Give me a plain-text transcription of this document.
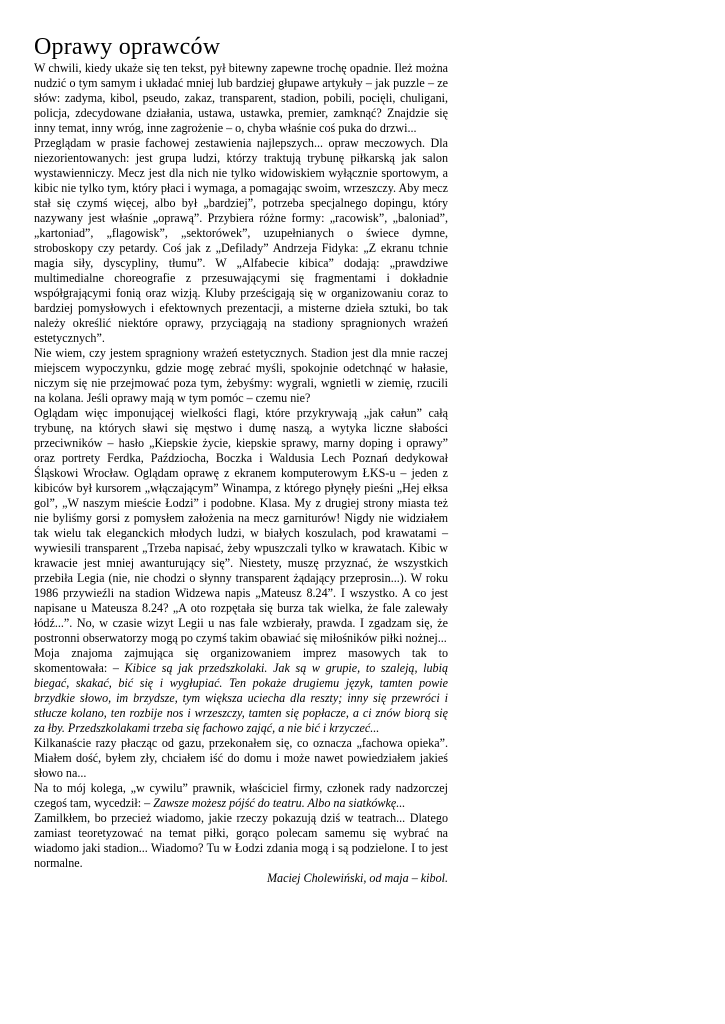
Oprawy oprawców

W chwili, kiedy ukaże się ten tekst, pył bitewny zapewne trochę opadnie. Ileż można nudzić o tym samym i układać mniej lub bardziej głupawe artykuły – jak puzzle – ze słów: zadyma, kibol, pseudo, zakaz, transparent, stadion, pobili, pocięli, chuligani, policja, zdecydowane działania, ustawa, ustawka, premier, zamknąć? Znajdzie się inny temat, inny wróg, inne zagrożenie – o, chyba właśnie coś puka do drzwi...

Przeglądam w prasie fachowej zestawienia najlepszych... opraw meczowych. Dla niezorientowanych: jest grupa ludzi, którzy traktują trybunę piłkarską jak salon wystawienniczy. Mecz jest dla nich nie tylko widowiskiem wyłącznie sportowym, a kibic nie tylko tym, który płaci i wymaga, a pomagając swoim, wrzeszczy. Aby mecz stał się czymś więcej, albo był „bardziej”, potrzeba specjalnego dopingu, który nazywany jest właśnie „oprawą”. Przybiera różne formy: „racowisk”, „baloniad”, „kartoniad”, „flagowisk”, „sektorówek”, uzupełnianych o świece dymne, stroboskopy czy petardy. Coś jak z „Defilady” Andrzeja Fidyka: „Z ekranu tchnie magia siły, dyscypliny, tłumu”. W „Alfabecie kibica” dodają: „prawdziwe multimedialne choreografie z przesuwającymi się fragmentami i dokładnie współgrającymi fonią oraz wizją. Kluby prześcigają się w organizowaniu coraz to bardziej pomysłowych i efektownych prezentacji, a misterne dzieła sztuki, bo tak należy określić niektóre oprawy, przyciągają na stadiony spragnionych wrażeń estetycznych”.

Nie wiem, czy jestem spragniony wrażeń estetycznych. Stadion jest dla mnie raczej miejscem wypoczynku, gdzie mogę zebrać myśli, spokojnie odetchnąć w hałasie, niczym się nie przejmować poza tym, żebyśmy: wygrali, wgnietli w ziemię, rzucili na kolana. Jeśli oprawy mają w tym pomóc – czemu nie?

Oglądam więc imponującej wielkości flagi, które przykrywają „jak całun” całą trybunę, na których sławi się męstwo i dumę naszą, a wytyka liczne słabości przeciwników – hasło „Kiepskie życie, kiepskie sprawy, marny doping i oprawy” oraz portrety Ferdka, Paździocha, Boczka i Waldusia Lech Poznań dedykował Śląskowi Wrocław. Oglądam oprawę z ekranem komputerowym ŁKS-u – jeden z kibiców był kursorem „włączającym” Winampa, z którego płynęły pieśni „Hej ełksa gol”, „W naszym mieście Łodzi” i podobne. Klasa. My z drugiej strony miasta też nie byliśmy gorsi z pomysłem założenia na mecz garniturów! Nigdy nie widziałem tak wielu tak eleganckich młodych ludzi, w białych koszulach, pod krawatami – wywiesili transparent „Trzeba napisać, żeby wpuszczali tylko w krawatach. Kibic w krawacie jest mniej awanturujący się”. Niestety, muszę przyznać, że wszystkich przebiła Legia (nie, nie chodzi o słynny transparent żądający przeprosin...). W roku 1986 przywieźli na stadion Widzewa napis „Mateusz 8.24”. I wszystko. A co jest napisane u Mateusza 8.24? „A oto rozpętała się burza tak wielka, że fale zalewały łódź...”. No, w czasie wizyt Legii u nas fale wzbierały, prawda. I zgadzam się, że postronni obserwatorzy mogą po czymś takim obawiać się miłośników piłki nożnej...

Moja znajoma zajmująca się organizowaniem imprez masowych tak to skomentowała: – Kibice są jak przedszkolaki. Jak są w grupie, to szaleją, lubią biegać, skakać, bić się i wygłupiać. Ten pokaże drugiemu język, tamten powie brzydkie słowo, im brzydsze, tym większa uciecha dla reszty; inny się przewróci i stłucze kolano, ten rozbije nos i wrzeszczy, tamten się popłacze, a ci znów biorą się za łby. Przedszkolakami trzeba się fachowo zająć, a nie bić i krzyczeć...

Kilkanaście razy płacząc od gazu, przekonałem się, co oznacza „fachowa opieka”. Miałem dość, byłem zły, chciałem iść do domu i może nawet powiedziałem jakieś słowo na...

Na to mój kolega, „w cywilu” prawnik, właściciel firmy, członek rady nadzorczej czegoś tam, wycedził: – Zawsze możesz pójść do teatru. Albo na siatkówkę...

Zamilkłem, bo przecież wiadomo, jakie rzeczy pokazują dziś w teatrach... Dlatego zamiast teoretyzować na temat piłki, gorąco polecam samemu się wybrać na wiadomo jaki stadion... Wiadomo? Tu w Łodzi zdania mogą i są podzielone. I to jest normalne.

Maciej Cholewiński, od maja – kibol.
